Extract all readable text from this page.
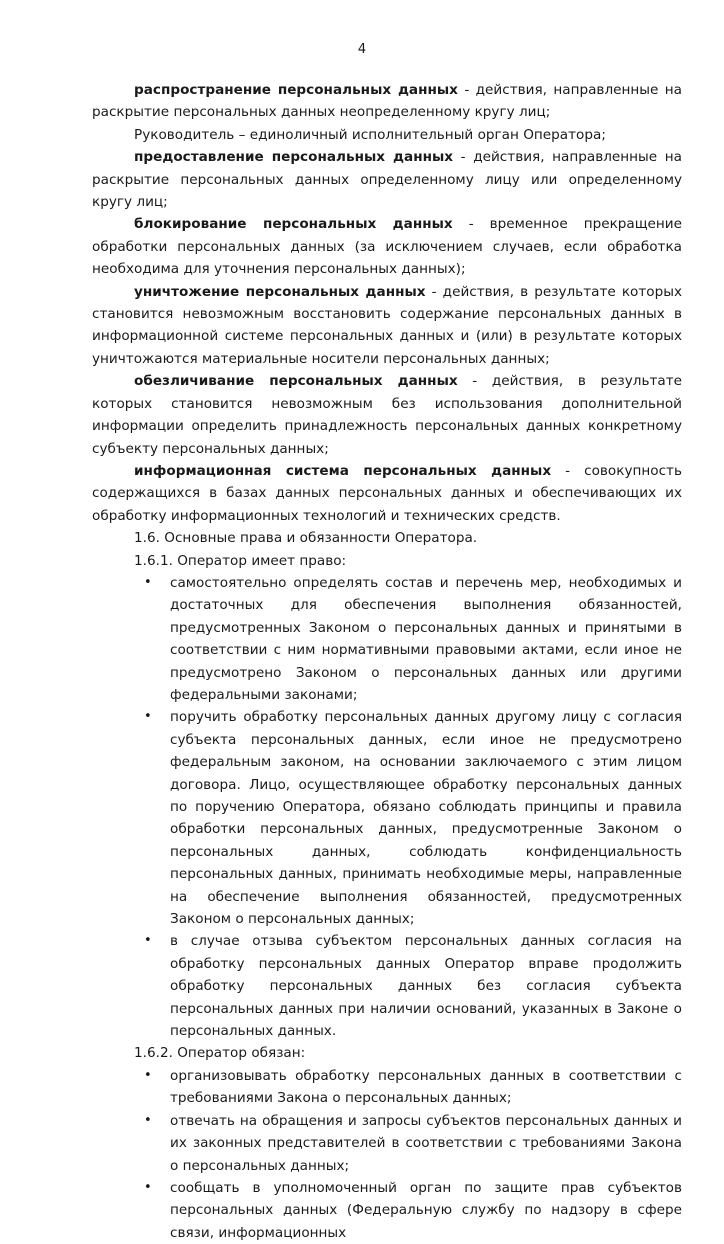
4

распространение персональных данных - действия, направленные на раскрытие персональных данных неопределенному кругу лиц;

Руководитель – единоличный исполнительный орган Оператора;

предоставление персональных данных - действия, направленные на раскрытие персональных данных определенному лицу или определенному кругу лиц;

блокирование персональных данных - временное прекращение обработки персональных данных (за исключением случаев, если обработка необходима для уточнения персональных данных);

уничтожение персональных данных - действия, в результате которых становится невозможным восстановить содержание персональных данных в информационной системе персональных данных и (или) в результате которых уничтожаются материальные носители персональных данных;

обезличивание персональных данных - действия, в результате которых становится невозможным без использования дополнительной информации определить принадлежность персональных данных конкретному субъекту персональных данных;

информационная система персональных данных - совокупность содержащихся в базах данных персональных данных и обеспечивающих их обработку информационных технологий и технических средств.

1.6. Основные права и обязанности Оператора.

1.6.1. Оператор имеет право:

• самостоятельно определять состав и перечень мер, необходимых и достаточных для обеспечения выполнения обязанностей, предусмотренных Законом о персональных данных и принятыми в соответствии с ним нормативными правовыми актами, если иное не предусмотрено Законом о персональных данных или другими федеральными законами;
• поручить обработку персональных данных другому лицу с согласия субъекта персональных данных, если иное не предусмотрено федеральным законом, на основании заключаемого с этим лицом договора. Лицо, осуществляющее обработку персональных данных по поручению Оператора, обязано соблюдать принципы и правила обработки персональных данных, предусмотренные Законом о персональных данных, соблюдать конфиденциальность персональных данных, принимать необходимые меры, направленные на обеспечение выполнения обязанностей, предусмотренных Законом о персональных данных;
• в случае отзыва субъектом персональных данных согласия на обработку персональных данных Оператор вправе продолжить обработку персональных данных без согласия субъекта персональных данных при наличии оснований, указанных в Законе о персональных данных.

1.6.2. Оператор обязан:

• организовывать обработку персональных данных в соответствии с требованиями Закона о персональных данных;
• отвечать на обращения и запросы субъектов персональных данных и их законных представителей в соответствии с требованиями Закона о персональных данных;
• сообщать в уполномоченный орган по защите прав субъектов персональных данных (Федеральную службу по надзору в сфере связи, информационных
